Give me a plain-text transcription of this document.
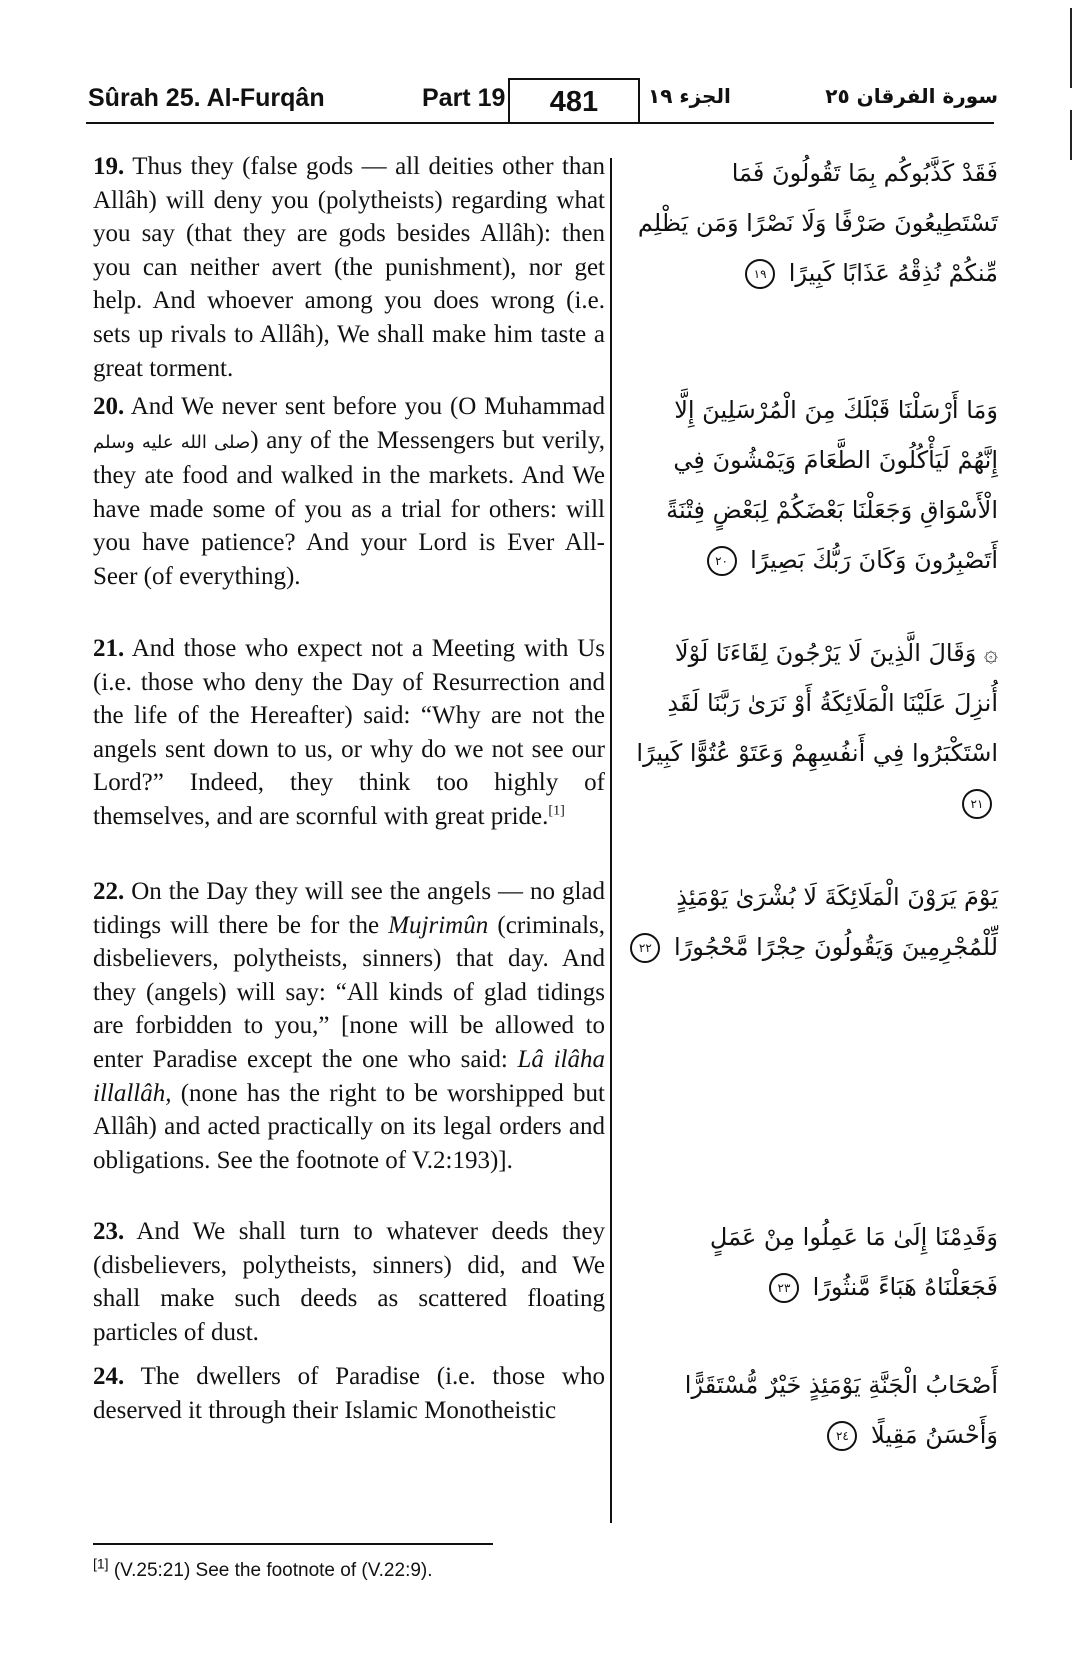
Sûrah 25. Al-Furqân	Part 19	481	الجزء ١٩	سورة الفرقان ٢٥
19. Thus they (false gods — all deities other than Allâh) will deny you (polytheists) regarding what you say (that they are gods besides Allâh): then you can neither avert (the punishment), nor get help. And whoever among you does wrong (i.e. sets up rivals to Allâh), We shall make him taste a great torment.
فَقَدْ كَذَّبُوكُم بِمَا تَقُولُونَ فَمَا تَسْتَطِيعُونَ صَرْفًا وَلَا نَصْرًا وَمَن يَظْلِم مِّنكُمْ نُذِقْهُ عَذَابًا كَبِيرًا ١٩
20. And We never sent before you (O Muhammad صلى الله عليه وسلم) any of the Messengers but verily, they ate food and walked in the markets. And We have made some of you as a trial for others: will you have patience? And your Lord is Ever All-Seer (of everything).
وَمَا أَرْسَلْنَا قَبْلَكَ مِنَ الْمُرْسَلِينَ إِلَّا إِنَّهُمْ لَيَأْكُلُونَ الطَّعَامَ وَيَمْشُونَ فِي الْأَسْوَاقِ وَجَعَلْنَا بَعْضَكُمْ لِبَعْضٍ فِتْنَةً أَتَصْبِرُونَ وَكَانَ رَبُّكَ بَصِيرًا ٢٠
21. And those who expect not a Meeting with Us (i.e. those who deny the Day of Resurrection and the life of the Hereafter) said: “Why are not the angels sent down to us, or why do we not see our Lord?” Indeed, they think too highly of themselves, and are scornful with great pride.[1]
۞ وَقَالَ الَّذِينَ لَا يَرْجُونَ لِقَاءَنَا لَوْلَا أُنزِلَ عَلَيْنَا الْمَلَائِكَةُ أَوْ نَرَىٰ رَبَّنَا لَقَدِ اسْتَكْبَرُوا فِي أَنفُسِهِمْ وَعَتَوْ عُتُوًّا كَبِيرًا ٢١
22. On the Day they will see the angels — no glad tidings will there be for the Mujrimûn (criminals, disbelievers, polytheists, sinners) that day. And they (angels) will say: “All kinds of glad tidings are forbidden to you,” [none will be allowed to enter Paradise except the one who said: Lâ ilâha illallâh, (none has the right to be worshipped but Allâh) and acted practically on its legal orders and obligations. See the footnote of V.2:193)].
يَوْمَ يَرَوْنَ الْمَلَائِكَةَ لَا بُشْرَىٰ يَوْمَئِذٍ لِّلْمُجْرِمِينَ وَيَقُولُونَ حِجْرًا مَّحْجُورًا ٢٢
23. And We shall turn to whatever deeds they (disbelievers, polytheists, sinners) did, and We shall make such deeds as scattered floating particles of dust.
وَقَدِمْنَا إِلَىٰ مَا عَمِلُوا مِنْ عَمَلٍ فَجَعَلْنَاهُ هَبَاءً مَّنثُورًا ٢٣
24. The dwellers of Paradise (i.e. those who deserved it through their Islamic Monotheistic
أَصْحَابُ الْجَنَّةِ يَوْمَئِذٍ خَيْرٌ مُّسْتَقَرًّا وَأَحْسَنُ مَقِيلًا ٢٤
[1] (V.25:21) See the footnote of (V.22:9).
